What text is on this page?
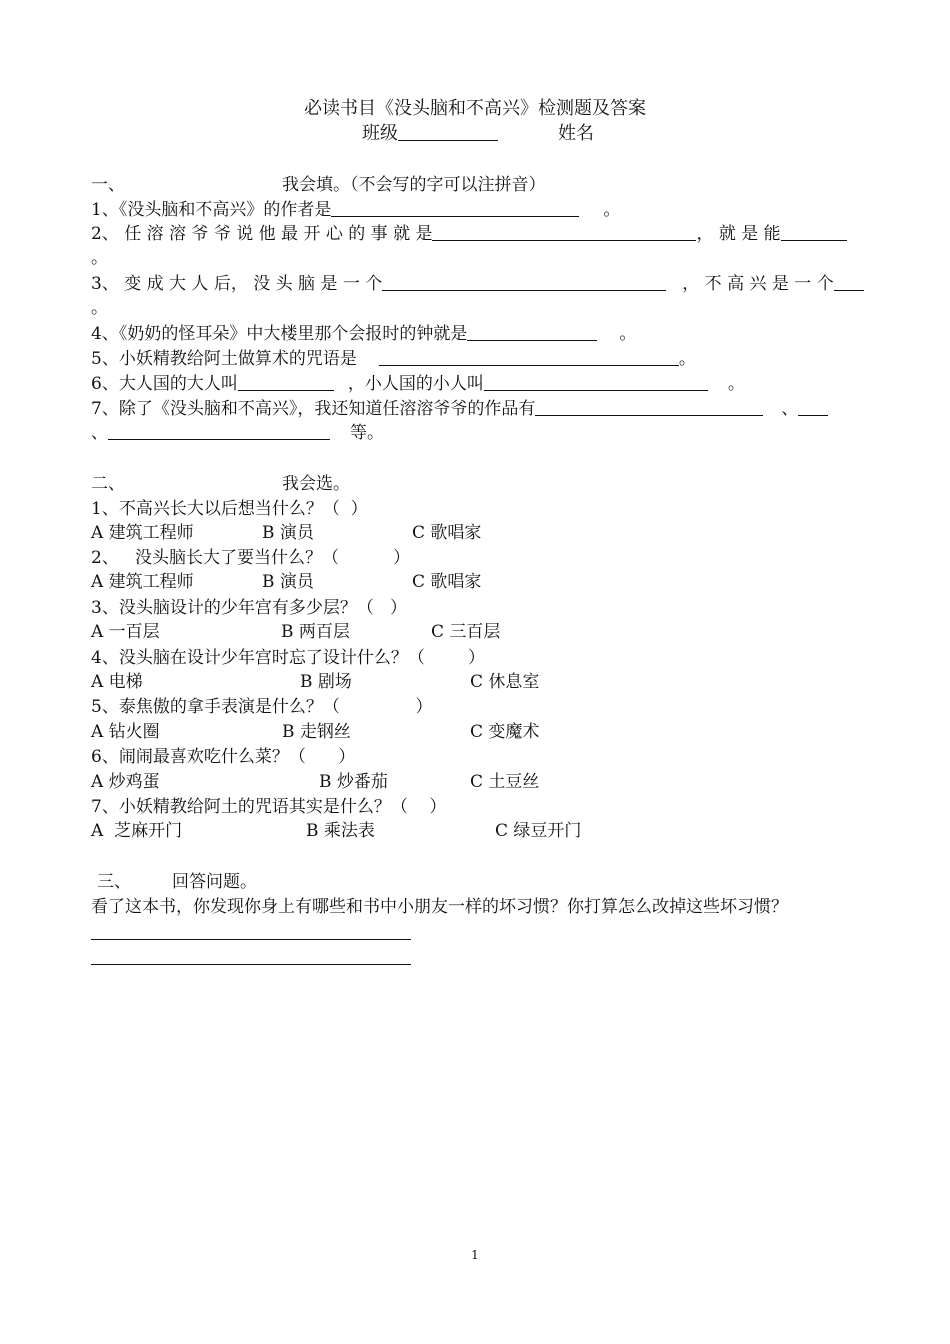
必读书目《没头脑和不高兴》检测题及答案
班级	姓名
一、	我会填。（不会写的字可以注拼音）
1、《没头脑和不高兴》的作者是	。
2、 任 溶 溶 爷 爷 说 他 最 开 心 的 事 就 是	， 就 是 能
。
3、 变 成 大 人 后， 没 头 脑 是 一 个	， 不 高 兴 是 一 个
。
4、《奶奶的怪耳朵》中大楼里那个会报时的钟就是	。
5、小妖精教给阿土做算术的咒语是	。
6、大人国的大人叫	，小人国的小人叫	。
7、除了《没头脑和不高兴》，我还知道任溶溶爷爷的作品有	、
、	等。
二、	我会选。
1、不高兴长大以后想当什么？（  ）
A 建筑工程师	B 演员	C 歌唱家
2、   没头脑长大了要当什么？（          ）
A 建筑工程师	B 演员	C 歌唱家
3、没头脑设计的少年宫有多少层？（   ）
A 一百层	B 两百层	C 三百层
4、没头脑在设计少年宫时忘了设计什么？（        ）
A 电梯	B 剧场	C 休息室
5、泰焦傲的拿手表演是什么？（              ）
A 钻火圈	B 走钢丝	C 变魔术
6、闹闹最喜欢吃什么菜？（      ）
A 炒鸡蛋	B 炒番茄	C 土豆丝
7、小妖精教给阿土的咒语其实是什么？（    ）
A  芝麻开门	B 乘法表	C 绿豆开门
三、 回答问题。
看了这本书，你发现你身上有哪些和书中小朋友一样的坏习惯？你打算怎么改掉这些坏习惯？
1
